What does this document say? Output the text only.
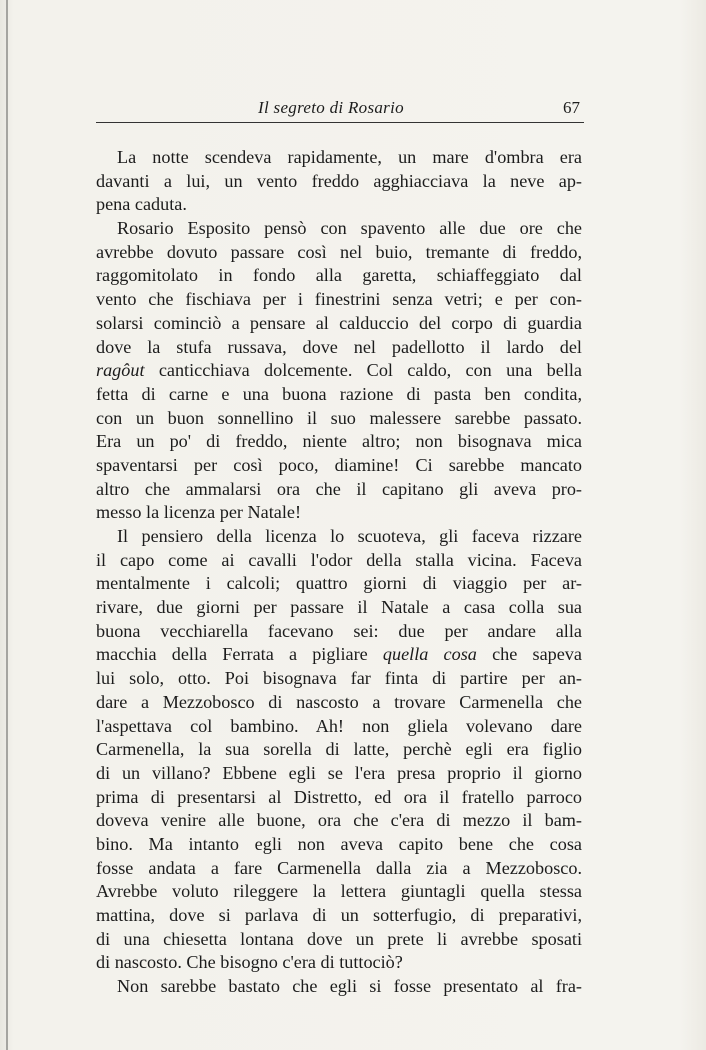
Il segreto di Rosario	67
La notte scendeva rapidamente, un mare d'ombra era
davanti a lui, un vento freddo agghiacciava la neve ap-
pena caduta.
Rosario Esposito pensò con spavento alle due ore che
avrebbe dovuto passare così nel buio, tremante di freddo,
raggomitolato in fondo alla garetta, schiaffeggiato dal
vento che fischiava per i finestrini senza vetri; e per con-
solarsi cominciò a pensare al calduccio del corpo di guardia
dove la stufa russava, dove nel padellotto il lardo del
ragôut canticchiava dolcemente. Col caldo, con una bella
fetta di carne e una buona razione di pasta ben condita,
con un buon sonnellino il suo malessere sarebbe passato.
Era un po' di freddo, niente altro; non bisognava mica
spaventarsi per così poco, diamine! Ci sarebbe mancato
altro che ammalarsi ora che il capitano gli aveva pro-
messo la licenza per Natale!
Il pensiero della licenza lo scuoteva, gli faceva rizzare
il capo come ai cavalli l'odor della stalla vicina. Faceva
mentalmente i calcoli; quattro giorni di viaggio per ar-
rivare, due giorni per passare il Natale a casa colla sua
buona vecchiarella facevano sei: due per andare alla
macchia della Ferrata a pigliare quella cosa che sapeva
lui solo, otto. Poi bisognava far finta di partire per an-
dare a Mezzobosco di nascosto a trovare Carmenella che
l'aspettava col bambino. Ah! non gliela volevano dare
Carmenella, la sua sorella di latte, perchè egli era figlio
di un villano? Ebbene egli se l'era presa proprio il giorno
prima di presentarsi al Distretto, ed ora il fratello parroco
doveva venire alle buone, ora che c'era di mezzo il bam-
bino. Ma intanto egli non aveva capito bene che cosa
fosse andata a fare Carmenella dalla zia a Mezzobosco.
Avrebbe voluto rileggere la lettera giuntagli quella stessa
mattina, dove si parlava di un sotterfugio, di preparativi,
di una chiesetta lontana dove un prete li avrebbe sposati
di nascosto. Che bisogno c'era di tuttociò?
Non sarebbe bastato che egli si fosse presentato al fra-
